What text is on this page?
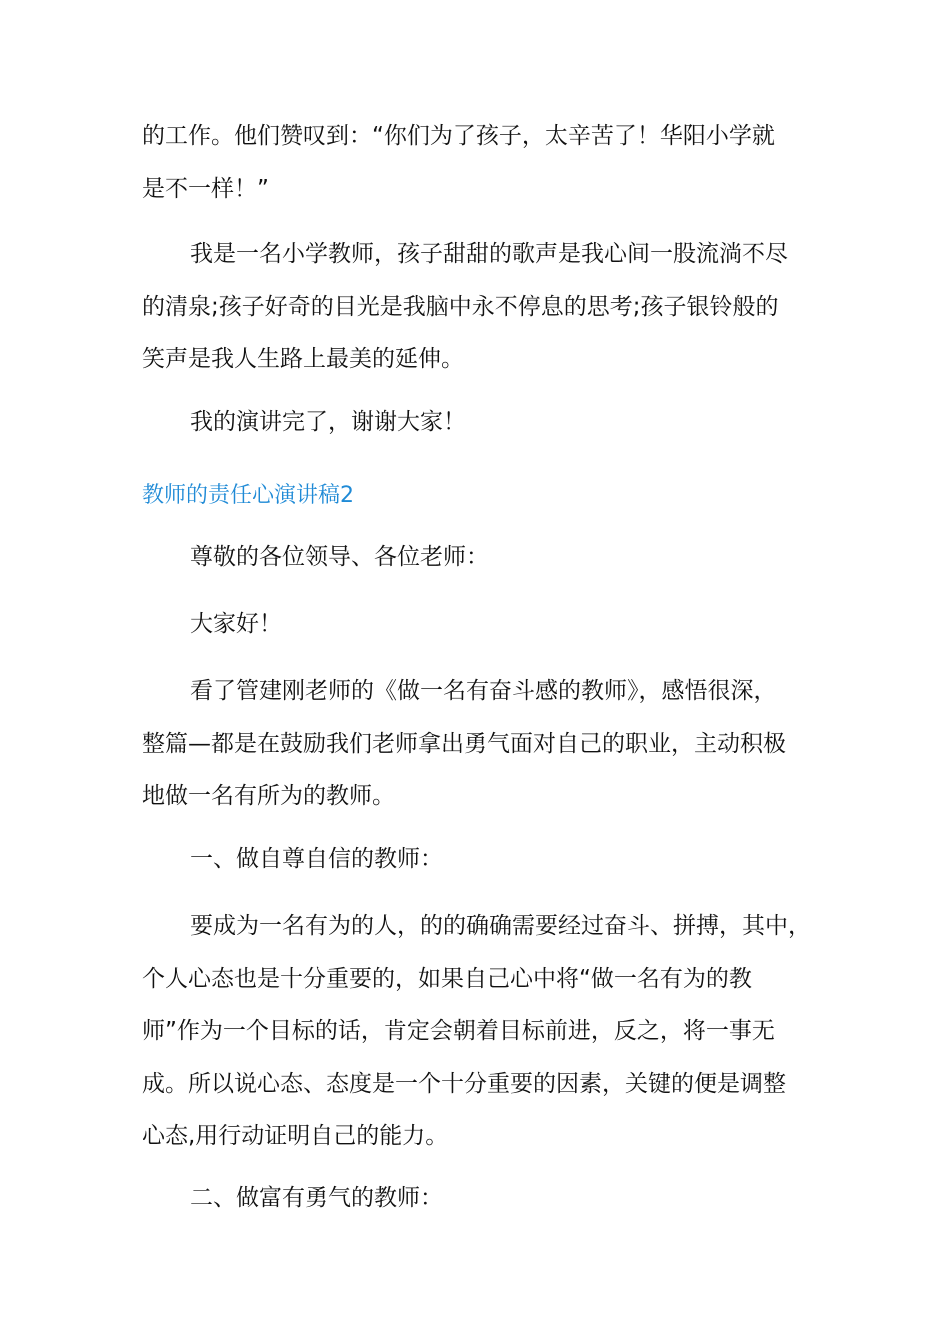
的工作。他们赞叹到：“你们为了孩子，太辛苦了！华阳小学就
是不一样！”
我是一名小学教师，孩子甜甜的歌声是我心间一股流淌不尽
的清泉;孩子好奇的目光是我脑中永不停息的思考;孩子银铃般的
笑声是我人生路上最美的延伸。
我的演讲完了，谢谢大家！
教师的责任心演讲稿2
尊敬的各位领导、各位老师：
大家好！
看了管建刚老师的《做一名有奋斗感的教师》，感悟很深，
整篇—都是在鼓励我们老师拿出勇气面对自己的职业，主动积极
地做一名有所为的教师。
一、做自尊自信的教师：
要成为一名有为的人，的的确确需要经过奋斗、拼搏，其中，
个人心态也是十分重要的，如果自己心中将“做一名有为的教
师”作为一个目标的话，肯定会朝着目标前进，反之，将一事无
成。所以说心态、态度是一个十分重要的因素，关键的便是调整
心态,用行动证明自己的能力。
二、做富有勇气的教师：
